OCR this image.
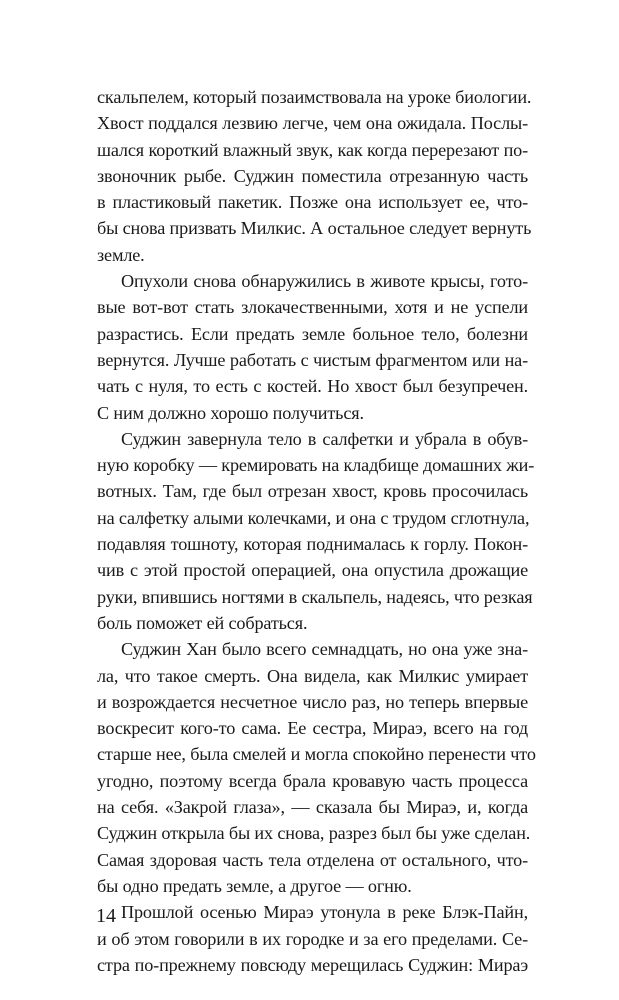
скальпелем, который позаимствовала на уроке биологии.
Хвост поддался лезвию легче, чем она ожидала. Послы-
шался короткий влажный звук, как когда перерезают по-
звоночник рыбе. Суджин поместила отрезанную часть
в пластиковый пакетик. Позже она использует ее, что-
бы снова призвать Милкис. А остальное следует вернуть
земле.
Опухоли снова обнаружились в животе крысы, гото-
вые вот-вот стать злокачественными, хотя и не успели
разрастись. Если предать земле больное тело, болезни
вернутся. Лучше работать с чистым фрагментом или на-
чать с нуля, то есть с костей. Но хвост был безупречен.
С ним должно хорошо получиться.
Суджин завернула тело в салфетки и убрала в обув-
ную коробку — кремировать на кладбище домашних жи-
вотных. Там, где был отрезан хвост, кровь просочилась
на салфетку алыми колечками, и она с трудом сглотнула,
подавляя тошноту, которая поднималась к горлу. Покон-
чив с этой простой операцией, она опустила дрожащие
руки, впившись ногтями в скальпель, надеясь, что резкая
боль поможет ей собраться.
Суджин Хан было всего семнадцать, но она уже зна-
ла, что такое смерть. Она видела, как Милкис умирает
и возрождается несчетное число раз, но теперь впервые
воскресит кого-то сама. Ее сестра, Мираэ, всего на год
старше нее, была смелей и могла спокойно перенести что
угодно, поэтому всегда брала кровавую часть процесса
на себя. «Закрой глаза», — сказала бы Мираэ, и, когда
Суджин открыла бы их снова, разрез был бы уже сделан.
Самая здоровая часть тела отделена от остального, что-
бы одно предать земле, а другое — огню.
Прошлой осенью Мираэ утонула в реке Блэк-Пайн,
и об этом говорили в их городке и за его пределами. Се-
стра по-прежнему повсюду мерещилась Суджин: Мираэ
14
